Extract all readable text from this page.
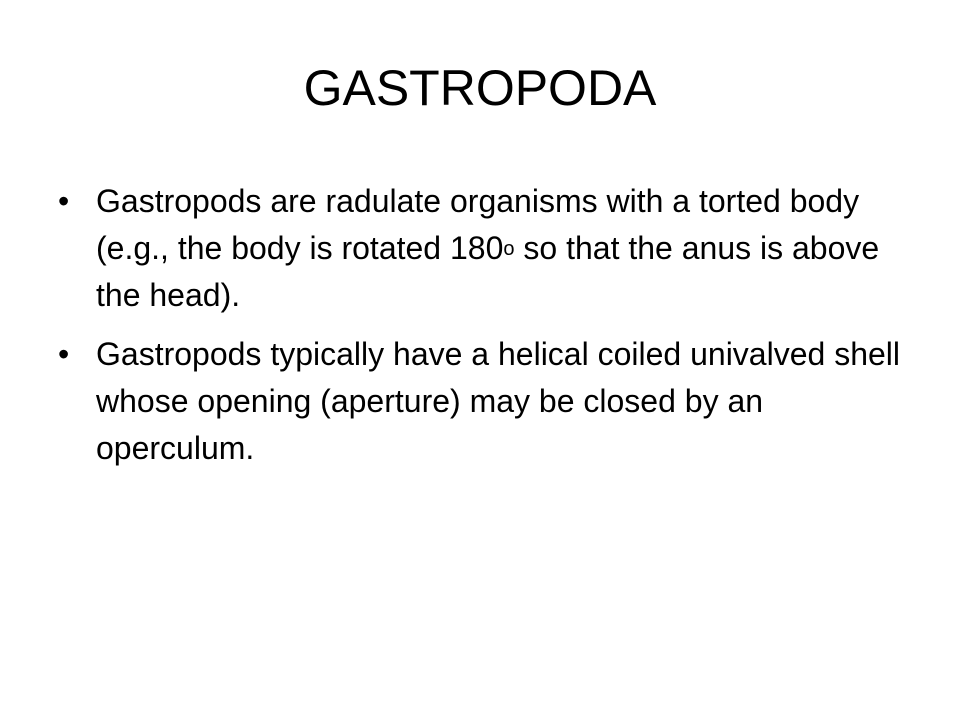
GASTROPODA
• Gastropods are radulate organisms with a torted body (e.g., the body is rotated 180$^o$ so that the anus is above the head).
• Gastropods typically have a helical coiled univalved shell whose opening (aperture) may be closed by an operculum.
